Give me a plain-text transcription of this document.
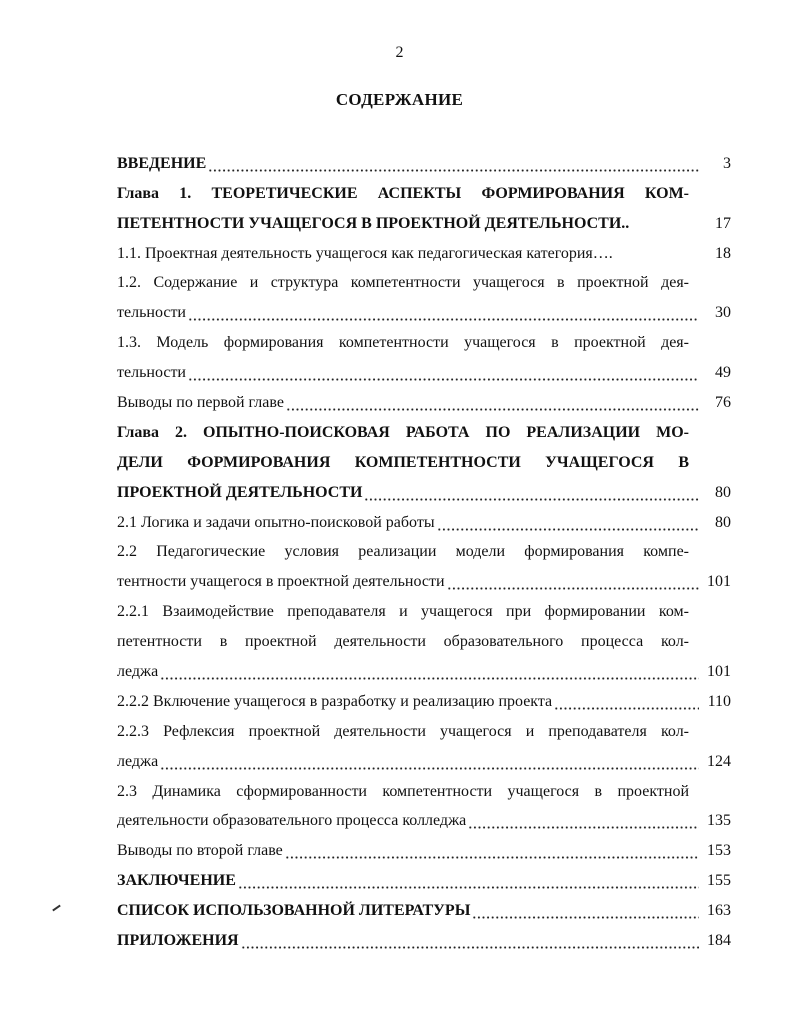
2
СОДЕРЖАНИЕ
ВВЕДЕНИЕ	3
Глава 1. ТЕОРЕТИЧЕСКИЕ АСПЕКТЫ ФОРМИРОВАНИЯ КОМ-
ПЕТЕНТНОСТИ УЧАЩЕГОСЯ В ПРОЕКТНОЙ ДЕЯТЕЛЬНОСТИ..	17
1.1. Проектная деятельность учащегося как педагогическая категория….	18
1.2. Содержание и структура компетентности учащегося в проектной дея-
тельности	30
1.3. Модель формирования компетентности учащегося в проектной дея-
тельности	49
Выводы по первой главе	76
Глава 2. ОПЫТНО-ПОИСКОВАЯ РАБОТА ПО РЕАЛИЗАЦИИ МО-
ДЕЛИ ФОРМИРОВАНИЯ КОМПЕТЕНТНОСТИ УЧАЩЕГОСЯ В
ПРОЕКТНОЙ ДЕЯТЕЛЬНОСТИ	80
2.1 Логика и задачи опытно-поисковой работы	80
2.2 Педагогические условия реализации модели формирования компе-
тентности учащегося в проектной деятельности	101
2.2.1 Взаимодействие преподавателя и учащегося при формировании ком-
петентности в проектной деятельности образовательного процесса кол-
леджа	101
2.2.2 Включение учащегося в разработку и реализацию проекта	110
2.2.3 Рефлексия проектной деятельности учащегося и преподавателя кол-
леджа	124
2.3 Динамика сформированности компетентности учащегося в проектной
деятельности образовательного процесса колледжа	135
Выводы по второй главе	153
ЗАКЛЮЧЕНИЕ	155
СПИСОК ИСПОЛЬЗОВАННОЙ ЛИТЕРАТУРЫ	163
ПРИЛОЖЕНИЯ	184
